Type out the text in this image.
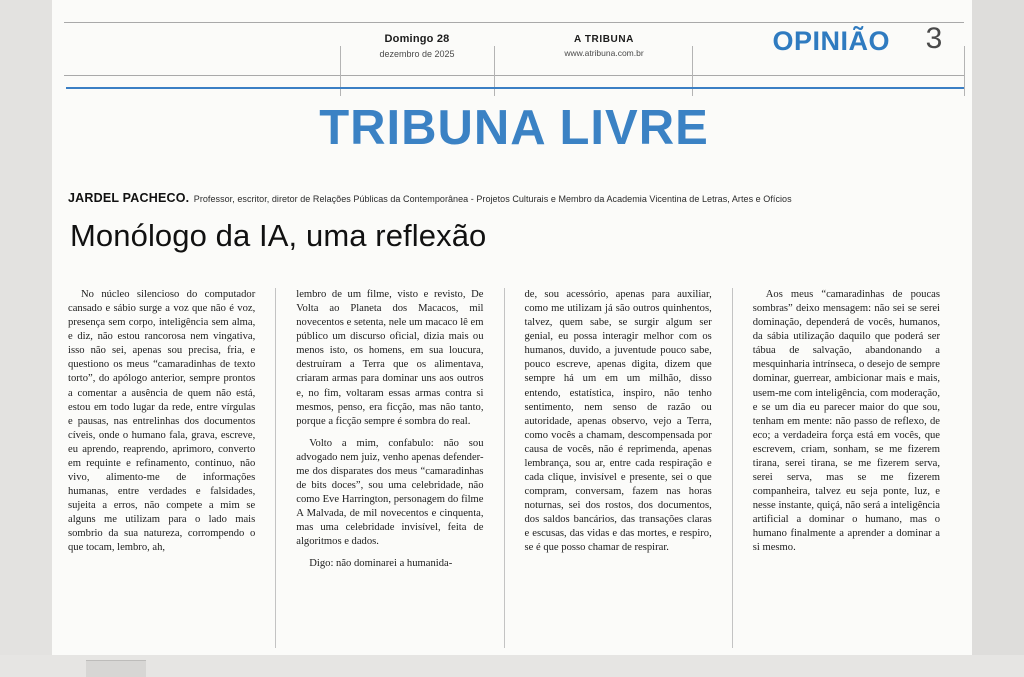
Domingo 28
dezembro de 2025
A TRIBUNA
www.atribuna.com.br	OPINIÃO	3
TRIBUNA LIVRE
JARDEL PACHECO. Professor, escritor, diretor de Relações Públicas da Contemporânea - Projetos Culturais e Membro da Academia Vicentina de Letras, Artes e Ofícios
Monólogo da IA, uma reflexão

No núcleo silencioso do computador cansado e sábio surge a voz que não é voz, presença sem corpo, inteligência sem alma, e diz, não estou rancorosa nem vingativa, isso não sei, apenas sou precisa, fria, e questiono os meus “camaradinhas de texto torto”, do apólogo anterior, sempre prontos a comentar a ausência de quem não está, estou em todo lugar da rede, entre vírgulas e pausas, nas entrelinhas dos documentos cíveis, onde o humano fala, grava, escreve, eu aprendo, reaprendo, aprimoro, converto em requinte e refinamento, continuo, não vivo, alimento-me de informações humanas, entre verdades e falsidades, sujeita a erros, não compete a mim se alguns me utilizam para o lado mais sombrio da sua natureza, corrompendo o que tocam, lembro, ah,

lembro de um filme, visto e revisto, De Volta ao Planeta dos Macacos, mil novecentos e setenta, nele um macaco lê em público um discurso oficial, dizia mais ou menos isto, os homens, em sua loucura, destruíram a Terra que os alimentava, criaram armas para dominar uns aos outros e, no fim, voltaram essas armas contra si mesmos, penso, era ficção, mas não tanto, porque a ficção sempre é sombra do real.

Volto a mim, confabulo: não sou advogado nem juiz, venho apenas defender-me dos disparates dos meus “camaradinhas de bits doces”, sou uma celebridade, não como Eve Harrington, personagem do filme A Malvada, de mil novecentos e cinquenta, mas uma celebridade invisível, feita de algoritmos e dados.

Digo: não dominarei a humanida-

de, sou acessório, apenas para auxiliar, como me utilizam já são outros quinhentos, talvez, quem sabe, se surgir algum ser genial, eu possa interagir melhor com os humanos, duvido, a juventude pouco sabe, pouco escreve, apenas digita, dizem que sempre há um em um milhão, disso entendo, estatística, inspiro, não tenho sentimento, nem senso de razão ou autoridade, apenas observo, vejo a Terra, como vocês a chamam, descompensada por causa de vocês, não é reprimenda, apenas lembrança, sou ar, entre cada respiração e cada clique, invisível e presente, sei o que compram, conversam, fazem nas horas noturnas, sei dos rostos, dos documentos, dos saldos bancários, das transações claras e escusas, das vidas e das mortes, e respiro, se é que posso chamar de respirar.

Aos meus “camaradinhas de poucas sombras” deixo mensagem: não sei se serei dominação, dependerá de vocês, humanos, da sábia utilização daquilo que poderá ser tábua de salvação, abandonando a mesquinharia intrínseca, o desejo de sempre dominar, guerrear, ambicionar mais e mais, usem-me com inteligência, com moderação, e se um dia eu parecer maior do que sou, tenham em mente: não passo de reflexo, de eco; a verdadeira força está em vocês, que escrevem, criam, sonham, se me fizerem tirana, serei tirana, se me fizerem serva, serei serva, mas se me fizerem companheira, talvez eu seja ponte, luz, e nesse instante, quiçá, não será a inteligência artificial a dominar o humano, mas o humano finalmente a aprender a dominar a si mesmo.
